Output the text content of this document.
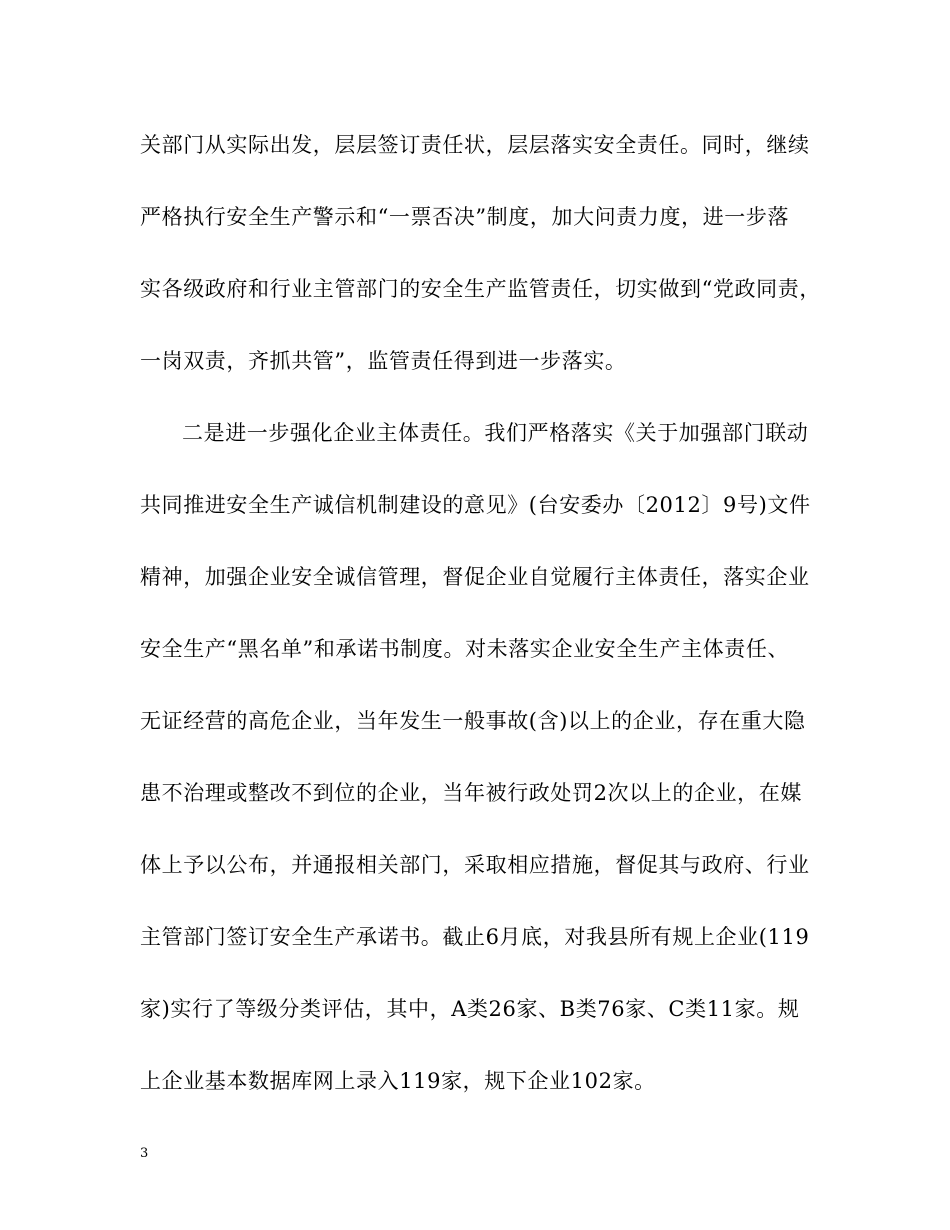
关部门从实际出发，层层签订责任状，层层落实安全责任。同时，继续
严格执行安全生产警示和“一票否决”制度，加大问责力度，进一步落
实各级政府和行业主管部门的安全生产监管责任，切实做到“党政同责，
一岗双责，齐抓共管”，监管责任得到进一步落实。
二是进一步强化企业主体责任。我们严格落实《关于加强部门联动
共同推进安全生产诚信机制建设的意见》(台安委办〔2012〕9号)文件
精神，加强企业安全诚信管理，督促企业自觉履行主体责任，落实企业
安全生产“黑名单”和承诺书制度。对未落实企业安全生产主体责任、
无证经营的高危企业，当年发生一般事故(含)以上的企业，存在重大隐
患不治理或整改不到位的企业，当年被行政处罚2次以上的企业，在媒
体上予以公布，并通报相关部门，采取相应措施，督促其与政府、行业
主管部门签订安全生产承诺书。截止6月底，对我县所有规上企业(119
家)实行了等级分类评估，其中，A类26家、B类76家、C类11家。规
上企业基本数据库网上录入119家，规下企业102家。
3
